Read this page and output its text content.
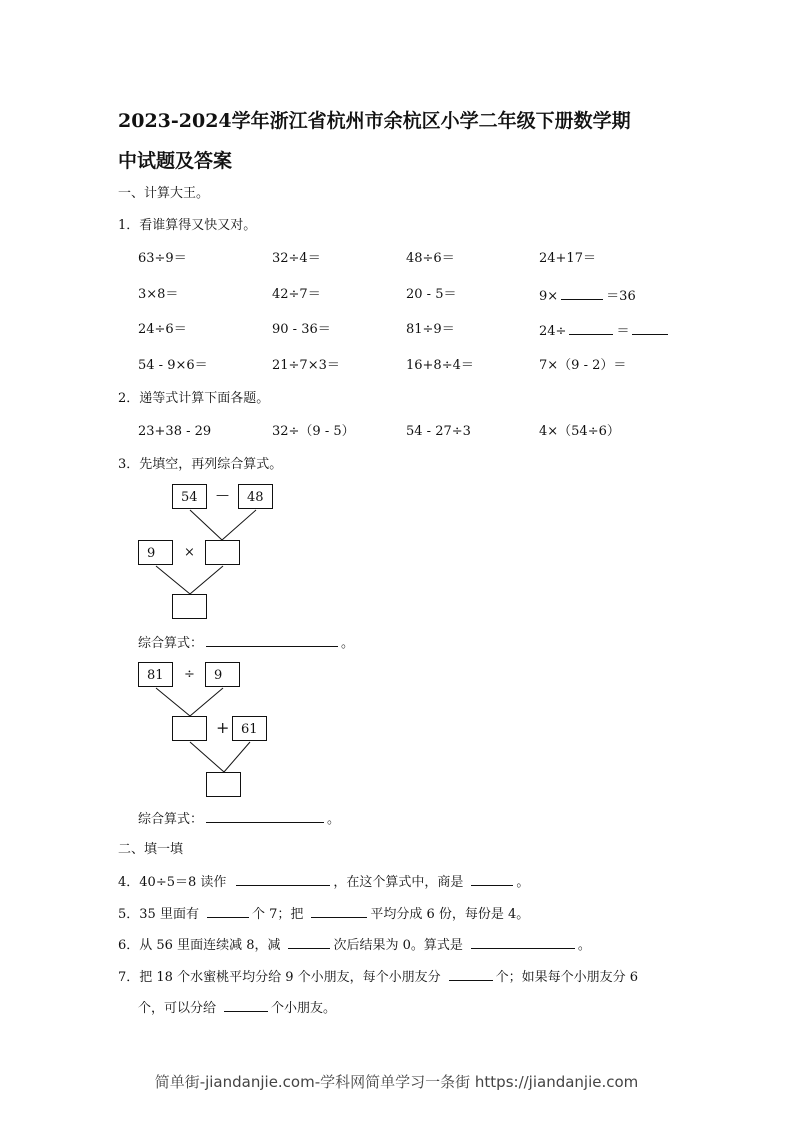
2023-2024学年浙江省杭州市余杭区小学二年级下册数学期
中试题及答案
一、计算大王。
1．看谁算得又快又对。
63÷9＝	32÷4＝	48÷6＝	24+17＝
3×8＝	42÷7＝	20 - 5＝	9×	＝36
24÷6＝	90 - 36＝	81÷9＝	24÷	＝
54 - 9×6＝	21÷7×3＝	16+8÷4＝	7×（9 - 2）＝
2．递等式计算下面各题。
23+38 - 29	32÷（9 - 5）	54 - 27÷3	4×（54÷6）
3．先填空，再列综合算式。
54	—	48
9	×
综合算式：	。
81	÷	9
+ 61
综合算式：	。
二、填一填
4．40÷5＝8 读作	，在这个算式中，商是	。
5．35 里面有	个 7；把	平均分成 6 份，每份是 4。
6．从 56 里面连续减 8，减	次后结果为 0。算式是	。
7．把 18 个水蜜桃平均分给 9 个小朋友，每个小朋友分	个；如果每个小朋友分 6
个，可以分给	个小朋友。
简单街-jiandanjie.com-学科网简单学习一条街 https://jiandanjie.com
